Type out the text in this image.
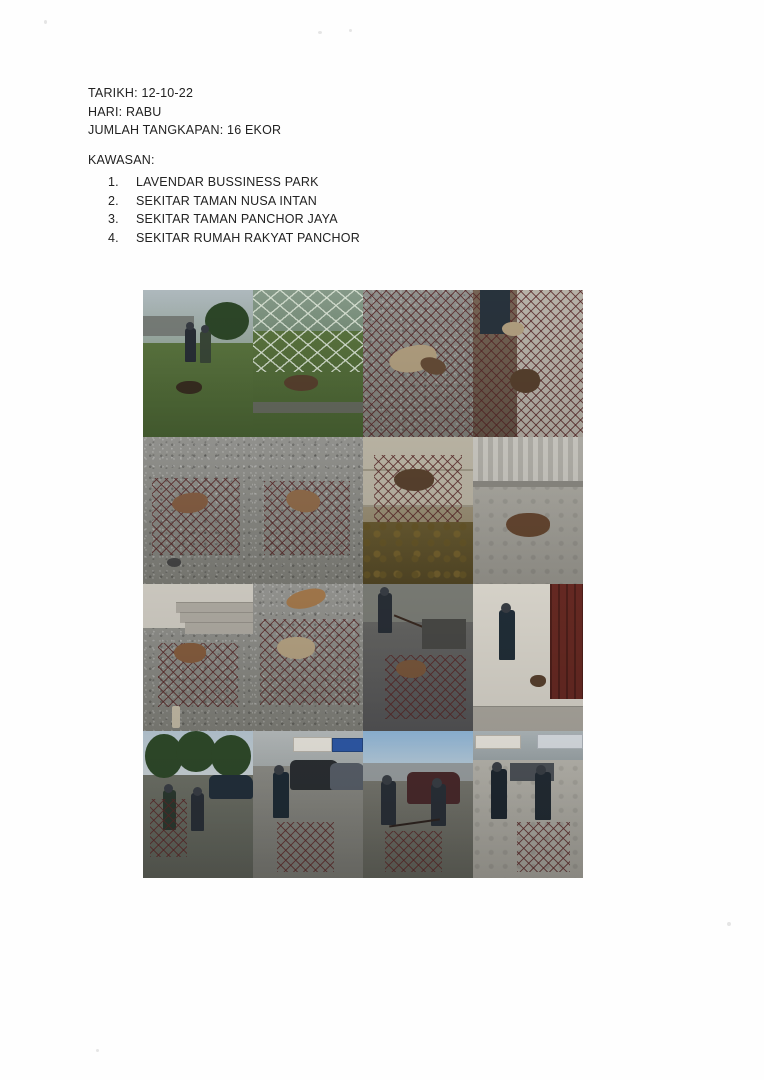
TARIKH: 12-10-22
HARI: RABU
JUMLAH TANGKAPAN: 16 EKOR
KAWASAN:
1.	LAVENDAR BUSSINESS PARK
2.	SEKITAR TAMAN NUSA INTAN
3.	SEKITAR TAMAN PANCHOR JAYA
4.	SEKITAR RUMAH RAKYAT PANCHOR
